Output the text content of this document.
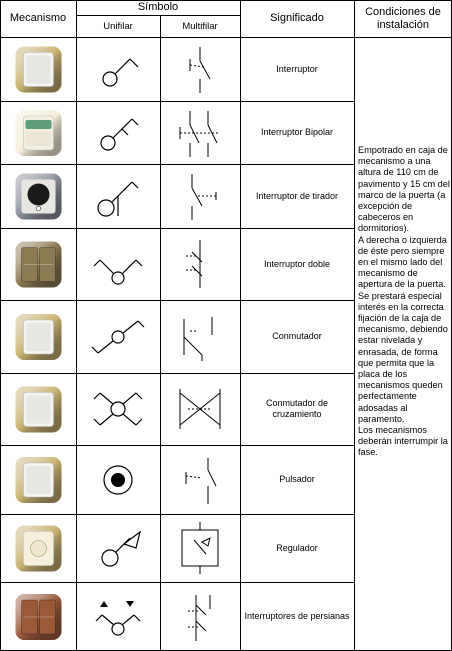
Mecanismo
Símbolo
Unifilar	Multifilar
Significado
Condiciones de instalación
Empotrado en caja de mecanismo a una altura de 110 cm de pavimento y 15 cm del marco de la puerta (a excepción de cabeceros en dormitorios).
A derecha o izquierda de éste pero siempre en el mismo lado del mecanismo de apertura de la puerta.
Se prestará especial interés en la correcta fijación de la caja de mecanismo, debiendo estar nivelada y enrasada, de forma que permita que la placa de los mecanismos queden perfectamente adosadas al paramento.
Los mecanismos deberán interrumpir la fase.
Interruptor
Interruptor Bipolar
Interruptor de tirador
Interruptor doble
Conmutador
Conmutador de cruzamiento
Pulsador
Regulador
Interruptores de persianas
